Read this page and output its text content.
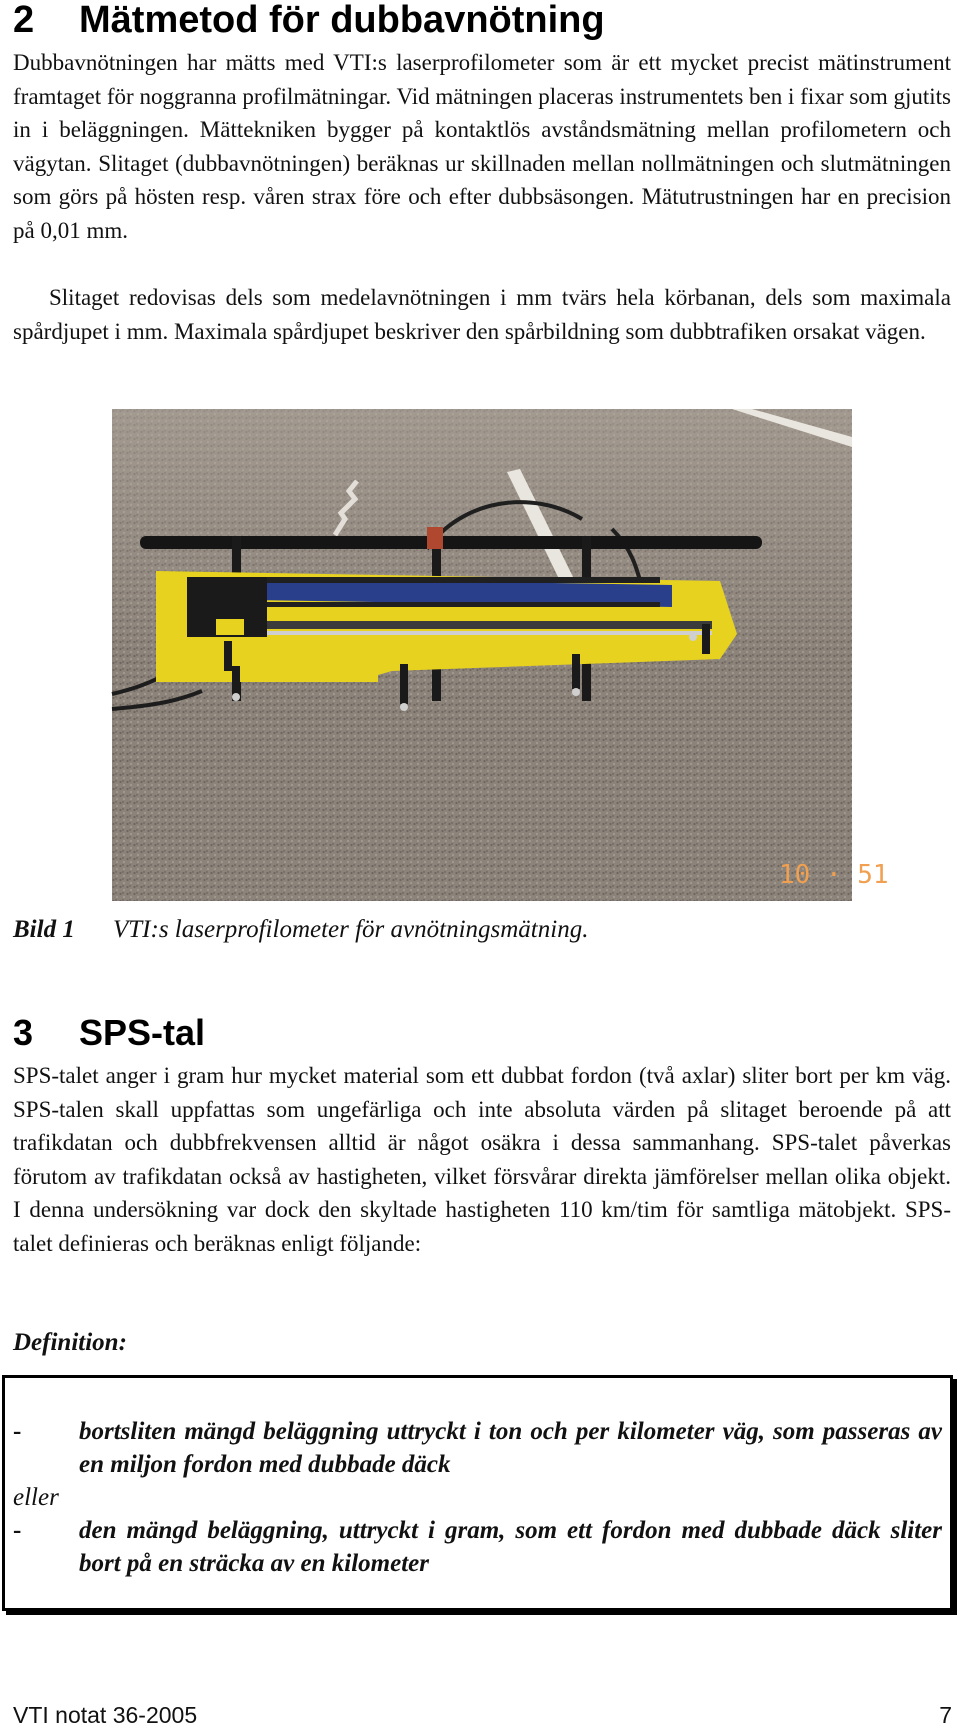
2 Mätmetod för dubbavnötning

Dubbavnötningen har mätts med VTI:s laserprofilometer som är ett mycket precist mätinstrument framtaget för noggranna profilmätningar. Vid mätningen placeras instrumentets ben i fixar som gjutits in i beläggningen. Mättekniken bygger på kontaktlös avståndsmätning mellan profilometern och vägytan. Slitaget (dubbavnötningen) beräknas ur skillnaden mellan nollmätningen och slutmätningen som görs på hösten resp. våren strax före och efter dubbsäsongen. Mätutrustningen har en precision på 0,01 mm.

Slitaget redovisas dels som medelavnötningen i mm tvärs hela körbanan, dels som maximala spårdjupet i mm. Maximala spårdjupet beskriver den spårbildning som dubbtrafiken orsakat vägen.

10 · 51
Bild 1 VTI:s laserprofilometer för avnötningsmätning.
3 SPS-tal

SPS-talet anger i gram hur mycket material som ett dubbat fordon (två axlar) sliter bort per km väg. SPS-talen skall uppfattas som ungefärliga och inte absoluta värden på slitaget beroende på att trafikdatan och dubbfrekvensen alltid är något osäkra i dessa sammanhang. SPS-talet påverkas förutom av trafikdatan också av hastigheten, vilket försvårar direkta jämförelser mellan olika objekt. I denna undersökning var dock den skyltade hastigheten 110 km/tim för samtliga mätobjekt. SPS-talet definieras och beräknas enligt följande:

Definition:
- bortsliten mängd beläggning uttryckt i ton och per kilometer väg, som passeras av en miljon fordon med dubbade däck
eller
- den mängd beläggning, uttryckt i gram, som ett fordon med dubbade däck sliter bort på en sträcka av en kilometer
VTI notat 36-2005	7
